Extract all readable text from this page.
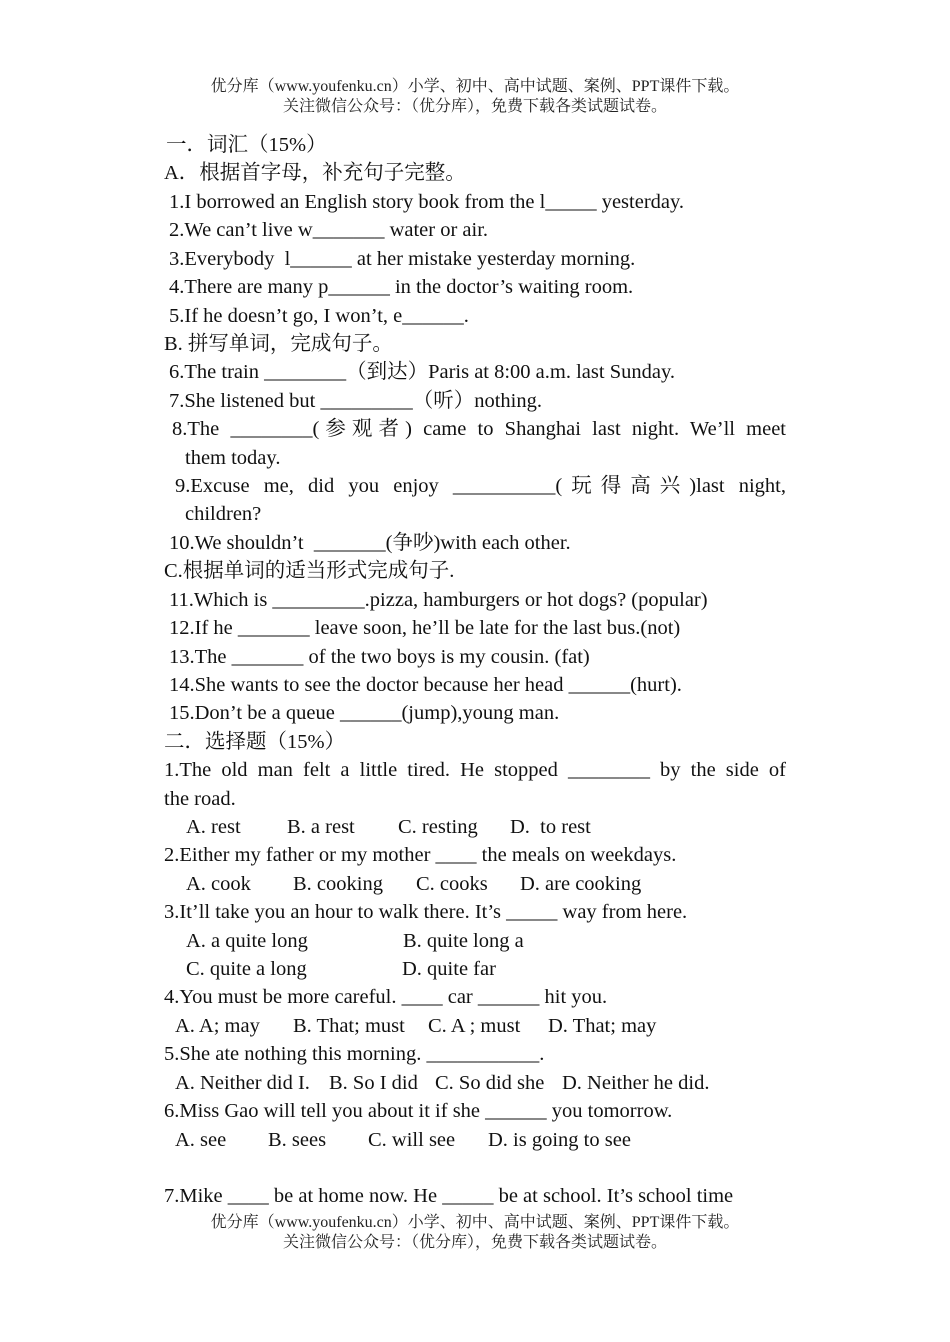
优分库（www.youfenku.cn）小学、初中、高中试题、案例、PPT课件下载。
关注微信公众号：（优分库），免费下载各类试题试卷。
一．词汇（15%）
A．根据首字母，补充句子完整。
1.I borrowed an English story book from the l_____ yesterday.
2.We can’t live w_______ water or air.
3.Everybody  l______ at her mistake yesterday morning.
4.There are many p______ in the doctor’s waiting room.
5.If he doesn’t go, I won’t, e______.
B. 拼写单词，完成句子。
6.The train ________（到达）Paris at 8:00 a.m. last Sunday.
7.She listened but _________（听）nothing.
8.The ________(参观者) came to Shanghai last night. We’ll meet
them today.
9.Excuse me, did you enjoy __________(玩得高兴)last night,
children?
10.We shouldn’t  _______(争吵)with each other.
C.根据单词的适当形式完成句子.
11.Which is _________.pizza, hamburgers or hot dogs? (popular)
12.If he _______ leave soon, he’ll be late for the last bus.(not)
13.The _______ of the two boys is my cousin. (fat)
14.She wants to see the doctor because her head ______(hurt).
15.Don’t be a queue ______(jump),young man.
二．选择题（15%）
1.The old man felt a little tired. He stopped ________ by the side of
the road.
A. rest B. a rest C. resting D.  to rest
2.Either my father or my mother ____ the meals on weekdays.
A. cook B. cooking C. cooks D. are cooking
3.It’ll take you an hour to walk there. It’s _____ way from here.
A. a quite long	B. quite long a
C. quite a long	D. quite far
4.You must be more careful. ____ car ______ hit you.
A. A; may B. That; must C. A ; must D. That; may
5.She ate nothing this morning. ___________.
A. Neither did I. B. So I did C. So did she D. Neither he did.
6.Miss Gao will tell you about it if she ______ you tomorrow.
A. see B. sees C. will see D. is going to see
7.Mike ____ be at home now. He _____ be at school. It’s school time
优分库（www.youfenku.cn）小学、初中、高中试题、案例、PPT课件下载。
关注微信公众号：（优分库），免费下载各类试题试卷。
